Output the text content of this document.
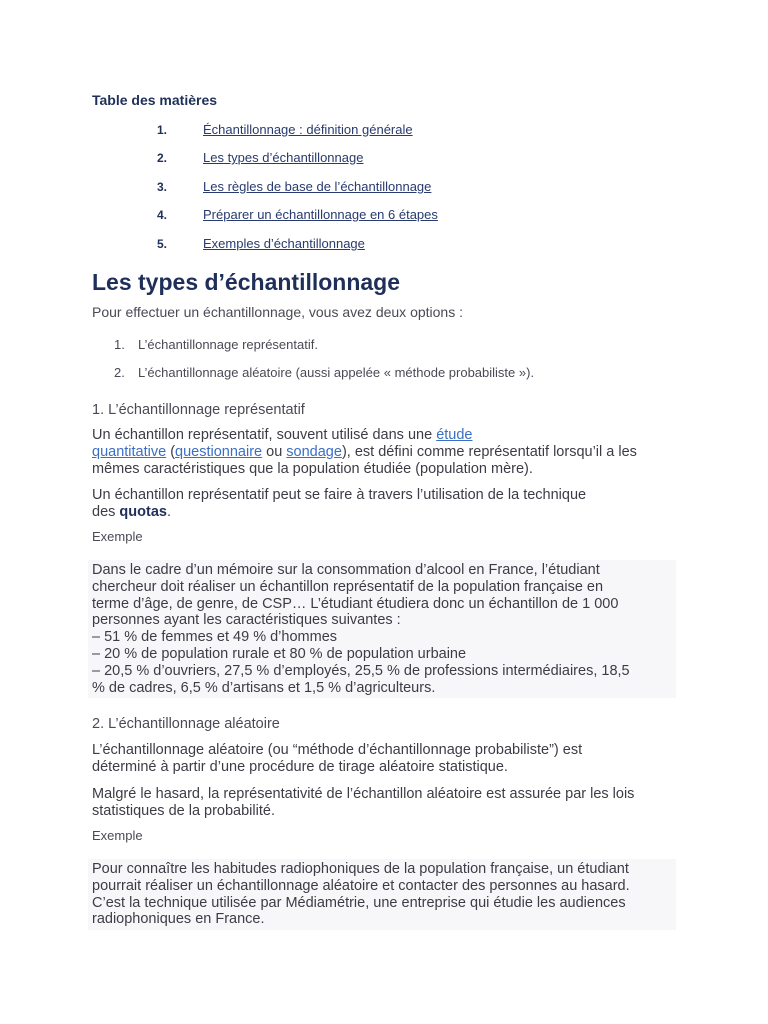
Table des matières
1.	Échantillonnage : définition générale
2.	Les types d’échantillonnage
3.	Les règles de base de l’échantillonnage
4.	Préparer un échantillonnage en 6 étapes
5.	Exemples d’échantillonnage
Les types d’échantillonnage
Pour effectuer un échantillonnage, vous avez deux options :
1. L’échantillonnage représentatif.
2. L’échantillonnage aléatoire (aussi appelée « méthode probabiliste »).
1. L’échantillonnage représentatif
Un échantillon représentatif, souvent utilisé dans une étude
quantitative (questionnaire ou sondage), est défini comme représentatif lorsqu’il a les
mêmes caractéristiques que la population étudiée (population mère).
Un échantillon représentatif peut se faire à travers l’utilisation de la technique
des quotas.
Exemple
Dans le cadre d’un mémoire sur la consommation d’alcool en France, l’étudiant
chercheur doit réaliser un échantillon représentatif de la population française en
terme d’âge, de genre, de CSP… L’étudiant étudiera donc un échantillon de 1 000
personnes ayant les caractéristiques suivantes :
– 51 % de femmes et 49 % d’hommes
– 20 % de population rurale et 80 % de population urbaine
– 20,5 % d’ouvriers, 27,5 % d’employés, 25,5 % de professions intermédiaires, 18,5
% de cadres, 6,5 % d’artisans et 1,5 % d’agriculteurs.
2. L’échantillonnage aléatoire
L’échantillonnage aléatoire (ou “méthode d’échantillonnage probabiliste”) est
déterminé à partir d’une procédure de tirage aléatoire statistique.
Malgré le hasard, la représentativité de l’échantillon aléatoire est assurée par les lois
statistiques de la probabilité.
Exemple
Pour connaître les habitudes radiophoniques de la population française, un étudiant
pourrait réaliser un échantillonnage aléatoire et contacter des personnes au hasard.
C’est la technique utilisée par Médiamétrie, une entreprise qui étudie les audiences
radiophoniques en France.
